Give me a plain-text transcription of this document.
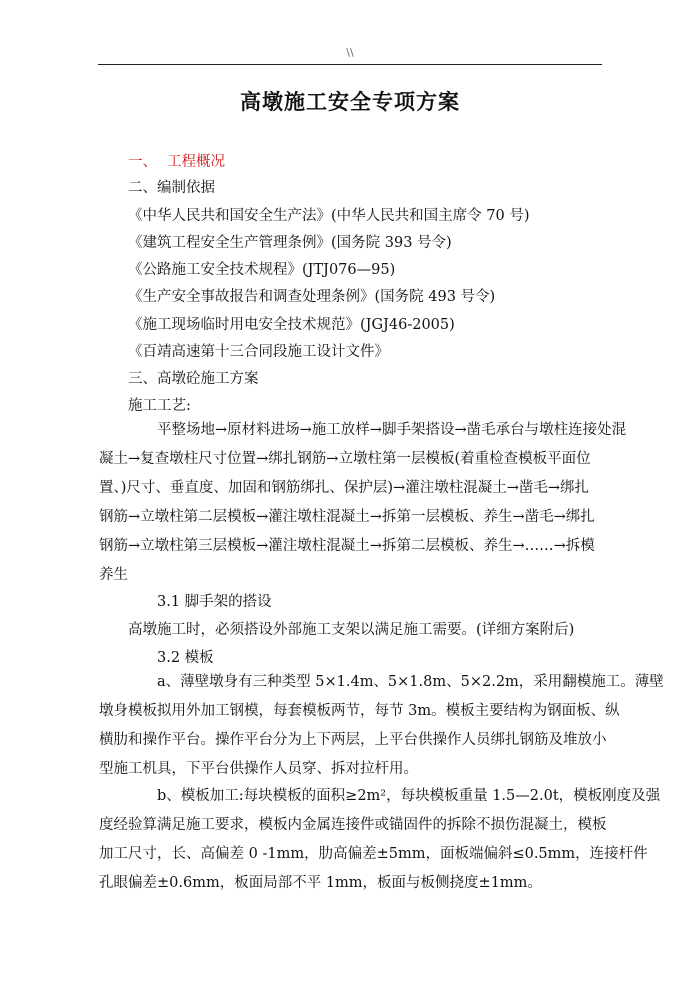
\\
高墩施工安全专项方案
一、 工程概况
二、编制依据
《中华人民共和国安全生产法》(中华人民共和国主席令 70 号)
《建筑工程安全生产管理条例》(国务院 393 号令)
《公路施工安全技术规程》(JTJ076—95)
《生产安全事故报告和调查处理条例》(国务院 493 号令)
《施工现场临时用电安全技术规范》(JGJ46-2005)
《百靖高速第十三合同段施工设计文件》
三、高墩砼施工方案
施工工艺:
平整场地→原材料进场→施工放样→脚手架搭设→凿毛承台与墩柱连接处混
凝土→复查墩柱尺寸位置→绑扎钢筋→立墩柱第一层模板(着重检查模板平面位
置、)尺寸、垂直度、加固和钢筋绑扎、保护层)→灌注墩柱混凝土→凿毛→绑扎
钢筋→立墩柱第二层模板→灌注墩柱混凝土→拆第一层模板、养生→凿毛→绑扎
钢筋→立墩柱第三层模板→灌注墩柱混凝土→拆第二层模板、养生→……→拆模
养生
3.1 脚手架的搭设
高墩施工时，必须搭设外部施工支架以满足施工需要。(详细方案附后)
3.2 模板
a、薄壁墩身有三种类型 5×1.4m、5×1.8m、5×2.2m，采用翻模施工。薄壁
墩身模板拟用外加工钢模，每套模板两节，每节 3m。模板主要结构为钢面板、纵
横肋和操作平台。操作平台分为上下两层，上平台供操作人员绑扎钢筋及堆放小
型施工机具，下平台供操作人员穿、拆对拉杆用。
b、模板加工:每块模板的面积≥2m²，每块模板重量 1.5—2.0t，模板刚度及强
度经验算满足施工要求，模板内金属连接件或锚固件的拆除不损伤混凝土，模板
加工尺寸，长、高偏差 0 -1mm，肋高偏差±5mm，面板端偏斜≤0.5mm，连接杆件
孔眼偏差±0.6mm，板面局部不平 1mm，板面与板侧挠度±1mm。
